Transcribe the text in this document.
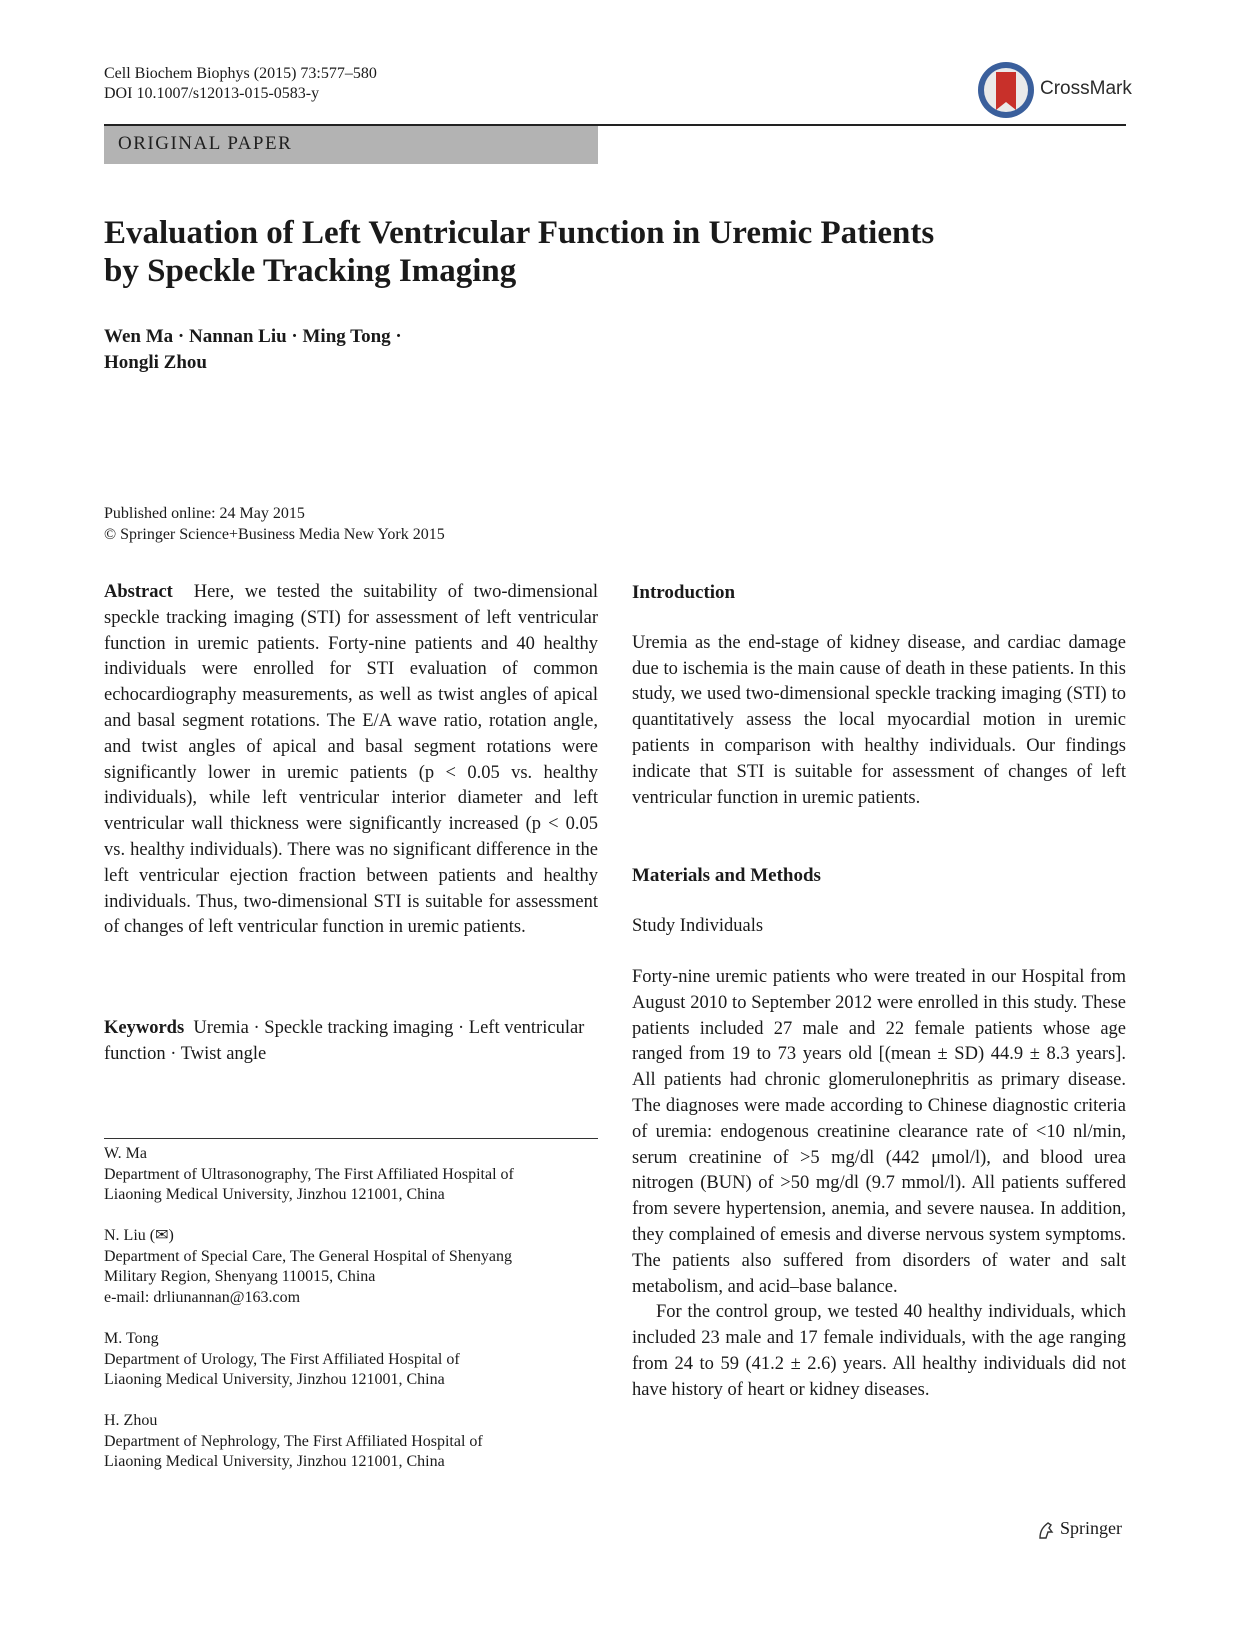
Cell Biochem Biophys (2015) 73:577–580
DOI 10.1007/s12013-015-0583-y	CrossMark
ORIGINAL PAPER
Evaluation of Left Ventricular Function in Uremic Patients
by Speckle Tracking Imaging
Wen Ma · Nannan Liu · Ming Tong ·
Hongli Zhou
Published online: 24 May 2015
© Springer Science+Business Media New York 2015

Abstract Here, we tested the suitability of two-dimensional speckle tracking imaging (STI) for assessment of left ventricular function in uremic patients. Forty-nine patients and 40 healthy individuals were enrolled for STI evaluation of common echocardiography measurements, as well as twist angles of apical and basal segment rotations. The E/A wave ratio, rotation angle, and twist angles of apical and basal segment rotations were significantly lower in uremic patients (p < 0.05 vs. healthy individuals), while left ventricular interior diameter and left ventricular wall thickness were significantly increased (p < 0.05 vs. healthy individuals). There was no significant difference in the left ventricular ejection fraction between patients and healthy individuals. Thus, two-dimensional STI is suitable for assessment of changes of left ventricular function in uremic patients.

Keywords Uremia · Speckle tracking imaging · Left ventricular function · Twist angle
W. Ma
Department of Ultrasonography, The First Affiliated Hospital of
Liaoning Medical University, Jinzhou 121001, China
N. Liu (✉)
Department of Special Care, The General Hospital of Shenyang
Military Region, Shenyang 110015, China
e-mail: drliunannan@163.com
M. Tong
Department of Urology, The First Affiliated Hospital of
Liaoning Medical University, Jinzhou 121001, China
H. Zhou
Department of Nephrology, The First Affiliated Hospital of
Liaoning Medical University, Jinzhou 121001, China

Introduction

Uremia as the end-stage of kidney disease, and cardiac damage due to ischemia is the main cause of death in these patients. In this study, we used two-dimensional speckle tracking imaging (STI) to quantitatively assess the local myocardial motion in uremic patients in comparison with healthy individuals. Our findings indicate that STI is suitable for assessment of changes of left ventricular function in uremic patients.

Materials and Methods

Study Individuals

Forty-nine uremic patients who were treated in our Hospital from August 2010 to September 2012 were enrolled in this study. These patients included 27 male and 22 female patients whose age ranged from 19 to 73 years old [(mean ± SD) 44.9 ± 8.3 years]. All patients had chronic glomerulonephritis as primary disease. The diagnoses were made according to Chinese diagnostic criteria of uremia: endogenous creatinine clearance rate of <10 nl/min, serum creatinine of >5 mg/dl (442 μmol/l), and blood urea nitrogen (BUN) of >50 mg/dl (9.7 mmol/l). All patients suffered from severe hypertension, anemia, and severe nausea. In addition, they complained of emesis and diverse nervous system symptoms. The patients also suffered from disorders of water and salt metabolism, and acid–base balance.

For the control group, we tested 40 healthy individuals, which included 23 male and 17 female individuals, with the age ranging from 24 to 59 (41.2 ± 2.6) years. All healthy individuals did not have history of heart or kidney diseases.

Springer
